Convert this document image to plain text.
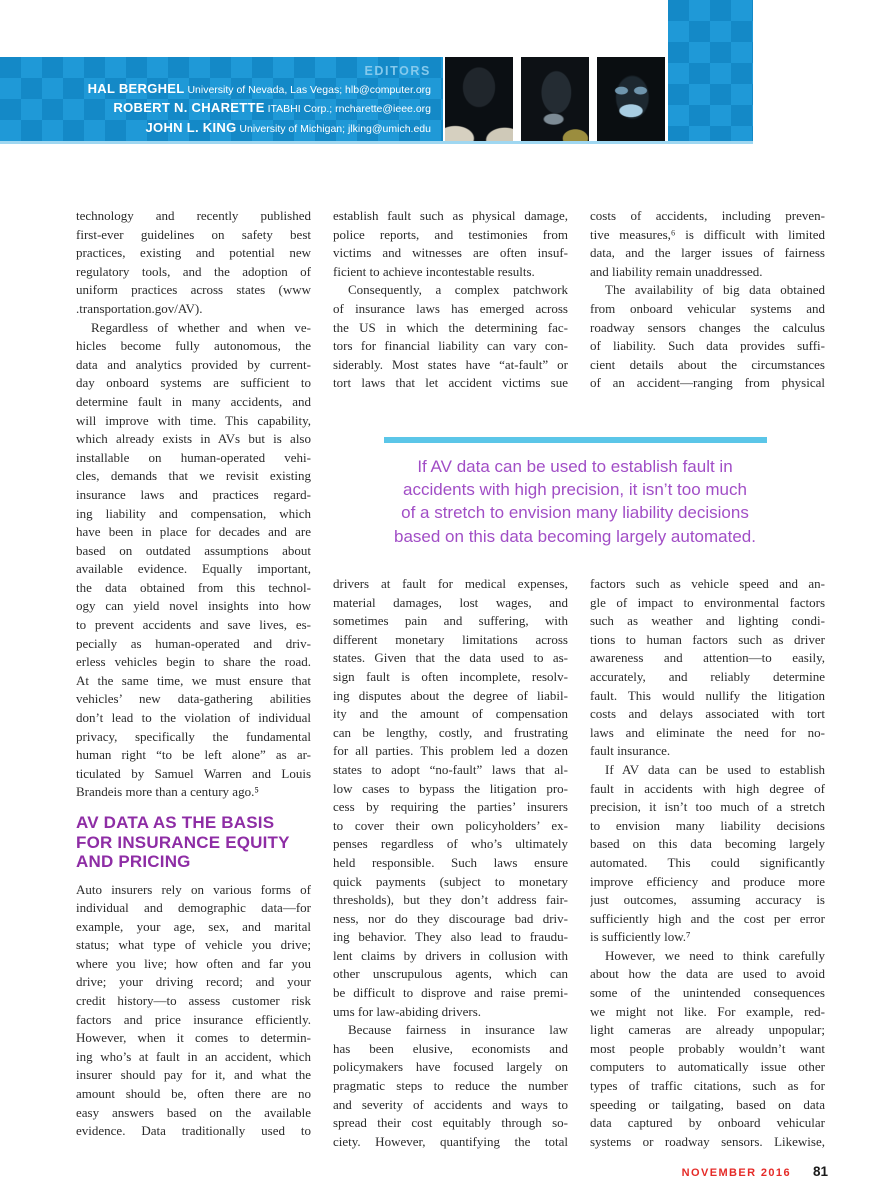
EDITORS
HAL BERGHEL University of Nevada, Las Vegas; hlb@computer.org
ROBERT N. CHARETTE ITABHI Corp.; rncharette@ieee.org
JOHN L. KING University of Michigan; jlking@umich.edu
technology and recently published
first-ever guidelines on safety best
practices, existing and potential new
regulatory tools, and the adoption of
uniform practices across states (www
.transportation.gov/AV).
Regardless of whether and when ve-
hicles become fully autonomous, the
data and analytics provided by current-
day onboard systems are sufficient to
determine fault in many accidents, and
will improve with time. This capability,
which already exists in AVs but is also
installable on human-operated vehi-
cles, demands that we revisit existing
insurance laws and practices regard-
ing liability and compensation, which
have been in place for decades and are
based on outdated assumptions about
available evidence. Equally important,
the data obtained from this technol-
ogy can yield novel insights into how
to prevent accidents and save lives, es-
pecially as human-operated and driv-
erless vehicles begin to share the road.
At the same time, we must ensure that
vehicles’ new data-gathering abilities
don’t lead to the violation of individual
privacy, specifically the fundamental
human right “to be left alone” as ar-
ticulated by Samuel Warren and Louis
Brandeis more than a century ago.⁵
AV DATA AS THE BASIS
FOR INSURANCE EQUITY
AND PRICING
Auto insurers rely on various forms of
individual and demographic data—for
example, your age, sex, and marital
status; what type of vehicle you drive;
where you live; how often and far you
drive; your driving record; and your
credit history—to assess customer risk
factors and price insurance efficiently.
However, when it comes to determin-
ing who’s at fault in an accident, which
insurer should pay for it, and what the
amount should be, often there are no
easy answers based on the available
evidence. Data traditionally used to
establish fault such as physical damage,
police reports, and testimonies from
victims and witnesses are often insuf-
ficient to achieve incontestable results.
Consequently, a complex patchwork
of insurance laws has emerged across
the US in which the determining fac-
tors for financial liability can vary con-
siderably. Most states have “at-fault” or
tort laws that let accident victims sue
drivers at fault for medical expenses,
material damages, lost wages, and
sometimes pain and suffering, with
different monetary limitations across
states. Given that the data used to as-
sign fault is often incomplete, resolv-
ing disputes about the degree of liabil-
ity and the amount of compensation
can be lengthy, costly, and frustrating
for all parties. This problem led a dozen
states to adopt “no-fault” laws that al-
low cases to bypass the litigation pro-
cess by requiring the parties’ insurers
to cover their own policyholders’ ex-
penses regardless of who’s ultimately
held responsible. Such laws ensure
quick payments (subject to monetary
thresholds), but they don’t address fair-
ness, nor do they discourage bad driv-
ing behavior. They also lead to fraudu-
lent claims by drivers in collusion with
other unscrupulous agents, which can
be difficult to disprove and raise premi-
ums for law-abiding drivers.
Because fairness in insurance law
has been elusive, economists and
policymakers have focused largely on
pragmatic steps to reduce the number
and severity of accidents and ways to
spread their cost equitably through so-
ciety. However, quantifying the total
costs of accidents, including preven-
tive measures,⁶ is difficult with limited
data, and the larger issues of fairness
and liability remain unaddressed.
The availability of big data obtained
from onboard vehicular systems and
roadway sensors changes the calculus
of liability. Such data provides suffi-
cient details about the circumstances
of an accident—ranging from physical
factors such as vehicle speed and an-
gle of impact to environmental factors
such as weather and lighting condi-
tions to human factors such as driver
awareness and attention—to easily,
accurately, and reliably determine
fault. This would nullify the litigation
costs and delays associated with tort
laws and eliminate the need for no-
fault insurance.
If AV data can be used to establish
fault in accidents with high degree of
precision, it isn’t too much of a stretch
to envision many liability decisions
based on this data becoming largely
automated. This could significantly
improve efficiency and produce more
just outcomes, assuming accuracy is
sufficiently high and the cost per error
is sufficiently low.⁷
However, we need to think carefully
about how the data are used to avoid
some of the unintended consequences
we might not like. For example, red-
light cameras are already unpopular;
most people probably wouldn’t want
computers to automatically issue other
types of traffic citations, such as for
speeding or tailgating, based on data
data captured by onboard vehicular
systems or roadway sensors. Likewise,
If AV data can be used to establish fault in
accidents with high precision, it isn’t too much
of a stretch to envision many liability decisions
based on this data becoming largely automated.
NOVEMBER 2016 81
